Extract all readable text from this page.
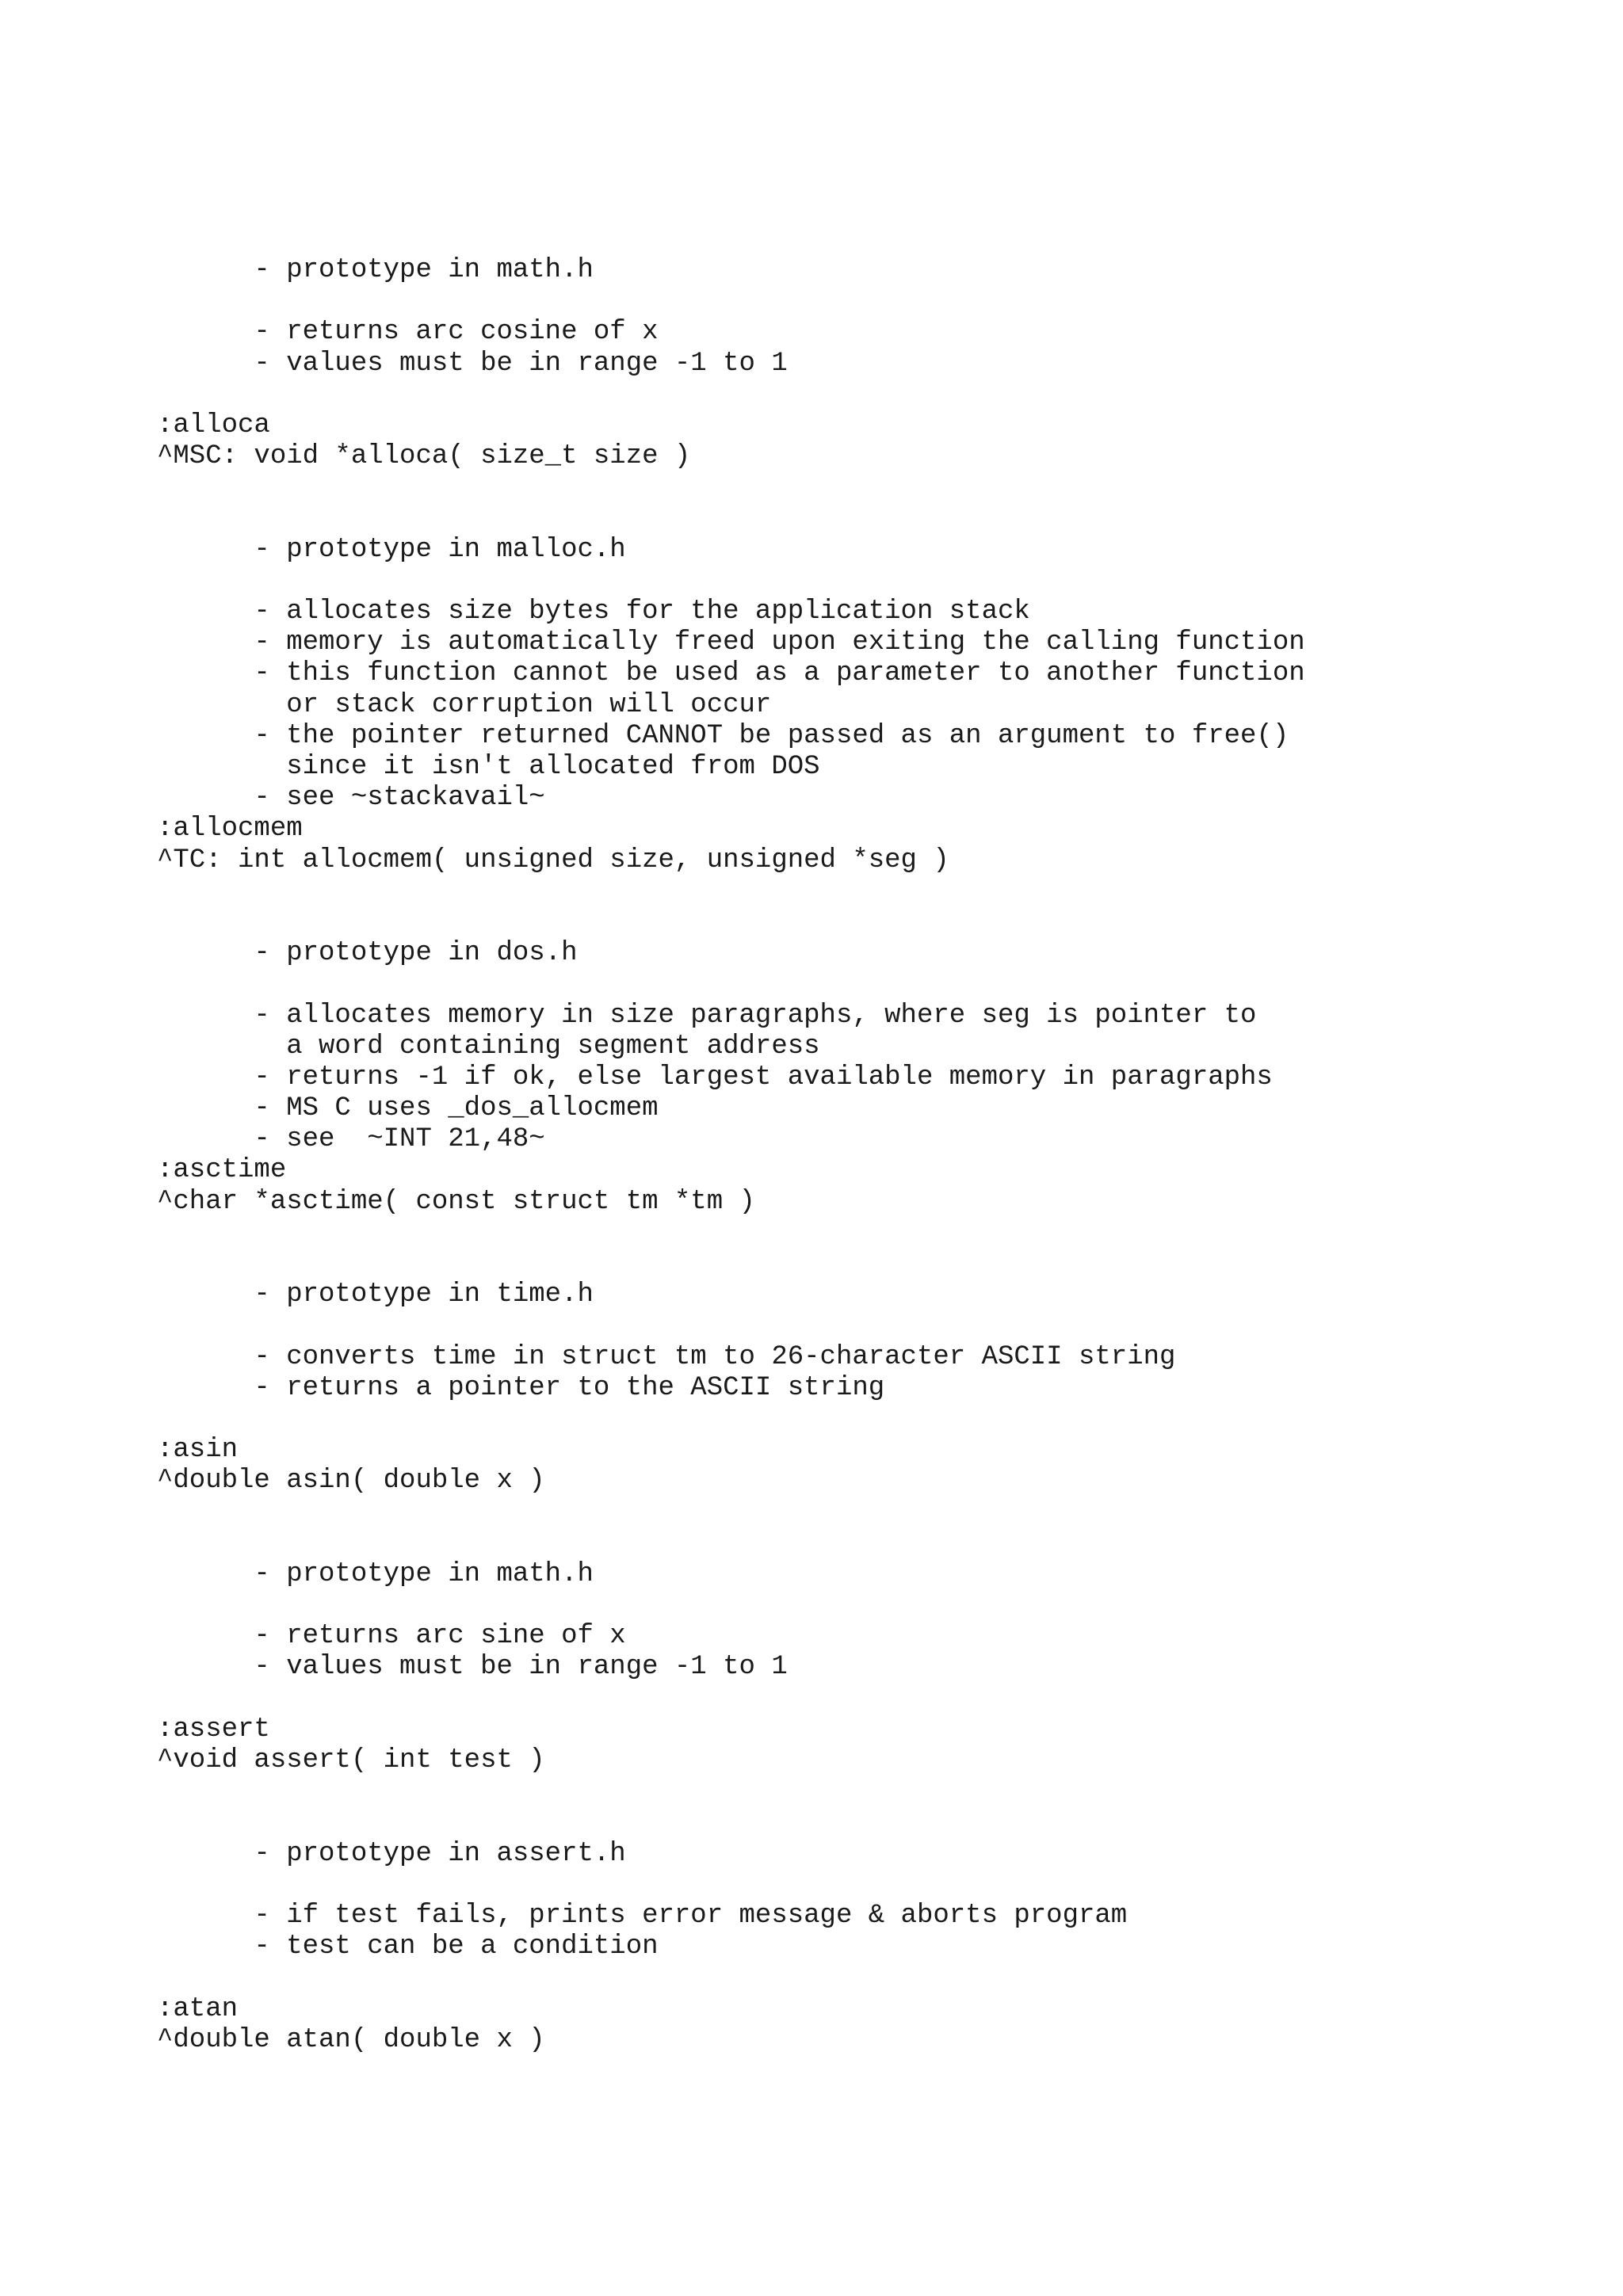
- prototype in math.h
- returns arc cosine of x
- values must be in range -1 to 1
:alloca
^MSC: void *alloca( size_t size )
- prototype in malloc.h
- allocates size bytes for the application stack
- memory is automatically freed upon exiting the calling function
- this function cannot be used as a parameter to another function
or stack corruption will occur
- the pointer returned CANNOT be passed as an argument to free()
since it isn't allocated from DOS
- see ~stackavail~
:allocmem
^TC: int allocmem( unsigned size, unsigned *seg )
- prototype in dos.h
- allocates memory in size paragraphs, where seg is pointer to
a word containing segment address
- returns -1 if ok, else largest available memory in paragraphs
- MS C uses _dos_allocmem
- see  ~INT 21,48~
:asctime
^char *asctime( const struct tm *tm )
- prototype in time.h
- converts time in struct tm to 26-character ASCII string
- returns a pointer to the ASCII string
:asin
^double asin( double x )
- prototype in math.h
- returns arc sine of x
- values must be in range -1 to 1
:assert
^void assert( int test )
- prototype in assert.h
- if test fails, prints error message & aborts program
- test can be a condition
:atan
^double atan( double x )
